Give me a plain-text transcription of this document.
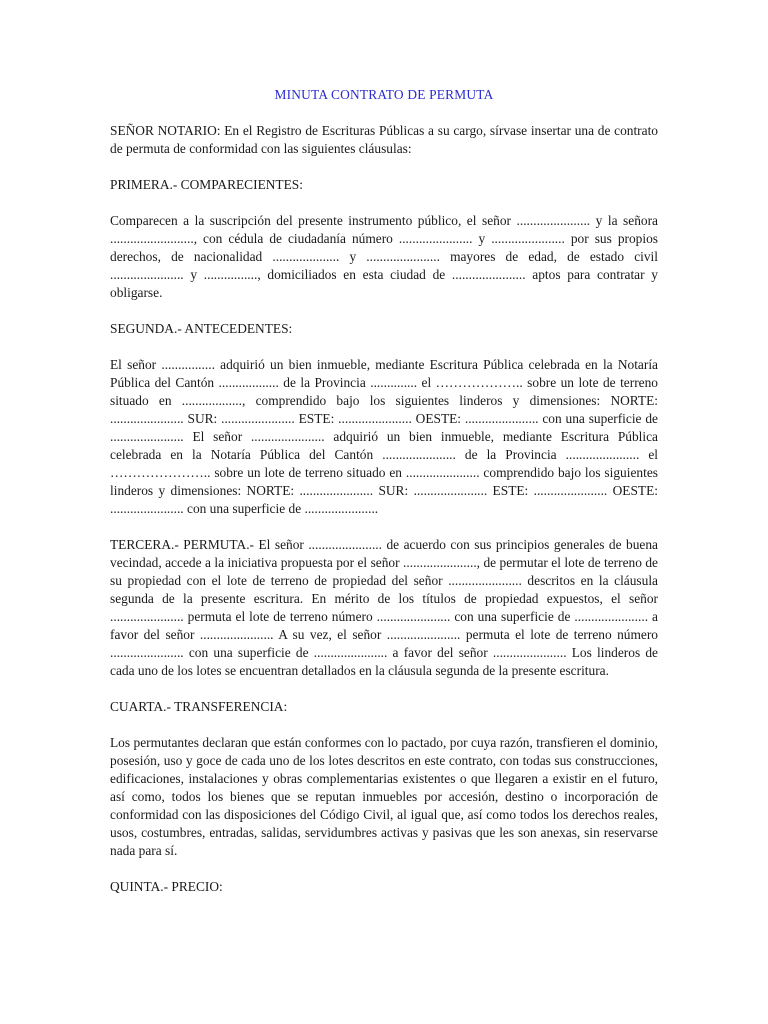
MINUTA CONTRATO DE PERMUTA

SEÑOR NOTARIO: En el Registro de Escrituras Públicas a su cargo, sírvase insertar una de contrato de permuta de conformidad con las siguientes cláusulas:

PRIMERA.- COMPARECIENTES:

Comparecen a la suscripción del presente instrumento público, el señor ...................... y la señora ........................., con cédula de ciudadanía número ...................... y ...................... por sus propios derechos, de nacionalidad .................... y ...................... mayores de edad, de estado civil ...................... y ................, domiciliados en esta ciudad de ...................... aptos para contratar y obligarse.

SEGUNDA.- ANTECEDENTES:

El señor ................ adquirió un bien inmueble, mediante Escritura Pública celebrada en la Notaría Pública del Cantón .................. de la Provincia .............. el ……………….. sobre un lote de terreno situado en .................., comprendido bajo los siguientes linderos y dimensiones: NORTE: ...................... SUR: ...................... ESTE: ...................... OESTE: ...................... con una superficie de ...................... El señor ...................... adquirió un bien inmueble, mediante Escritura Pública celebrada en la Notaría Pública del Cantón ...................... de la Provincia ...................... el ………………….. sobre un lote de terreno situado en ...................... comprendido bajo los siguientes linderos y dimensiones: NORTE: ...................... SUR: ...................... ESTE: ...................... OESTE: ...................... con una superficie de ......................

TERCERA.- PERMUTA.- El señor ...................... de acuerdo con sus principios generales de buena vecindad, accede a la iniciativa propuesta por el señor ......................, de permutar el lote de terreno de su propiedad con el lote de terreno de propiedad del señor ...................... descritos en la cláusula segunda de la presente escritura. En mérito de los títulos de propiedad expuestos, el señor ...................... permuta el lote de terreno número ...................... con una superficie de ...................... a favor del señor ...................... A su vez, el señor ...................... permuta el lote de terreno número ...................... con una superficie de ...................... a favor del señor ...................... Los linderos de cada uno de los lotes se encuentran detallados en la cláusula segunda de la presente escritura.

CUARTA.- TRANSFERENCIA:

Los permutantes declaran que están conformes con lo pactado, por cuya razón, transfieren el dominio, posesión, uso y goce de cada uno de los lotes descritos en este contrato, con todas sus construcciones, edificaciones, instalaciones y obras complementarias existentes o que llegaren a existir en el futuro, así como, todos los bienes que se reputan inmuebles por accesión, destino o incorporación de conformidad con las disposiciones del Código Civil, al igual que, así como todos los derechos reales, usos, costumbres, entradas, salidas, servidumbres activas y pasivas que les son anexas, sin reservarse nada para sí.

QUINTA.- PRECIO:
